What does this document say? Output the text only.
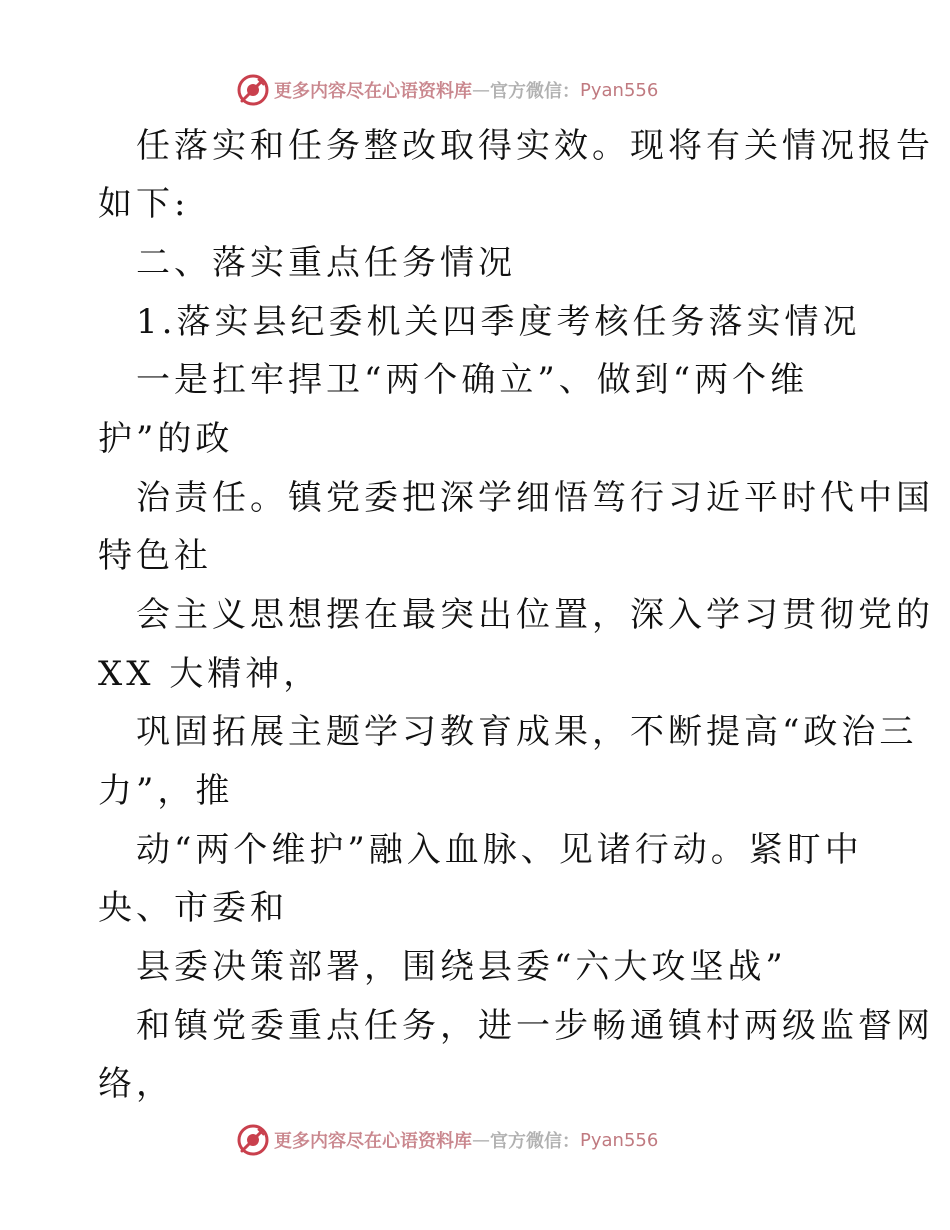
更多内容尽在心语资料库 — 官方微信： Pyan556
任落实和任务整改取得实效。现将有关情况报告
如下:
二、落实重点任务情况
1.落实县纪委机关四季度考核任务落实情况
一是扛牢捍卫“两个确立”、做到“两个维
护”的政
治责任。镇党委把深学细悟笃行习近平时代中国
特色社
会主义思想摆在最突出位置，深入学习贯彻党的
XX 大精神，
巩固拓展主题学习教育成果，不断提高“政治三
力”，推
动“两个维护”融入血脉、见诸行动。紧盯中
央、市委和
县委决策部署，围绕县委“六大攻坚战”
和镇党委重点任务，进一步畅通镇村两级监督网
络，
更多内容尽在心语资料库 — 官方微信： Pyan556
